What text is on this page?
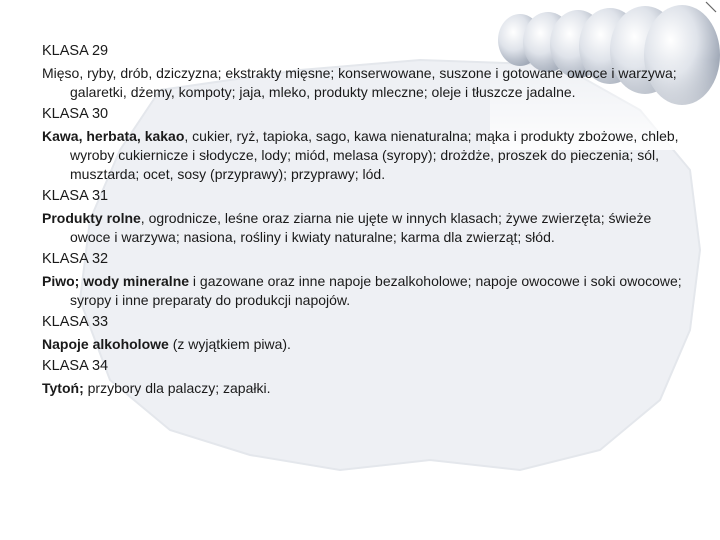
KLASA 29
Mięso, ryby, drób, dziczyzna; ekstrakty mięsne; konserwowane, suszone i gotowane owoce i warzywa; galaretki, dżemy, kompoty; jaja, mleko, produkty mleczne; oleje i tłuszcze jadalne.
KLASA 30
Kawa, herbata, kakao, cukier, ryż, tapioka, sago, kawa nienaturalna; mąka i produkty zbożowe, chleb, wyroby cukiernicze i słodycze, lody; miód, melasa (syropy); drożdże, proszek do pieczenia; sól, musztarda; ocet, sosy (przyprawy); przyprawy; lód.
KLASA 31
Produkty rolne, ogrodnicze, leśne oraz ziarna nie ujęte w innych klasach; żywe zwierzęta; świeże owoce i warzywa; nasiona, rośliny i kwiaty naturalne; karma dla zwierząt; słód.
KLASA 32
Piwo; wody mineralne i gazowane oraz inne napoje bezalkoholowe; napoje owocowe i soki owocowe; syropy i inne preparaty do produkcji napojów.
KLASA 33
Napoje alkoholowe (z wyjątkiem piwa).
KLASA 34
Tytoń; przybory dla palaczy; zapałki.
